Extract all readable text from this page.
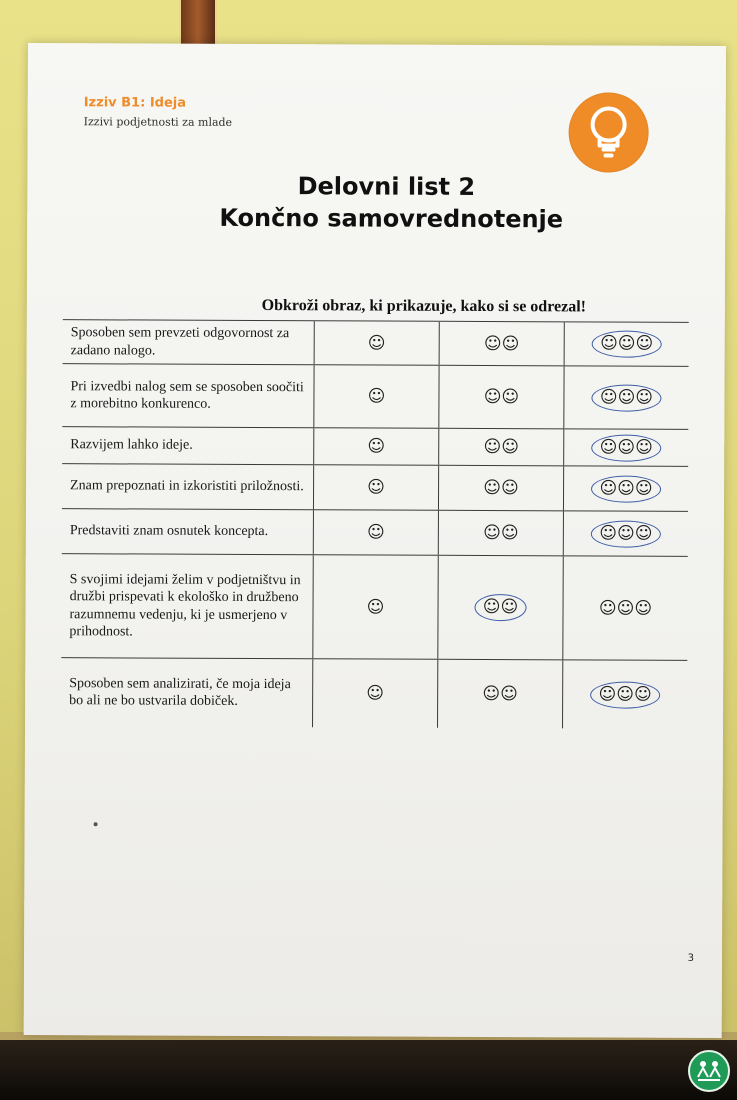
Izziv B1: Ideja
Izzivi podjetnosti za mlade
Delovni list 2
Končno samovrednotenje
Obkroži obraz, ki prikazuje, kako si se odrezal!
Sposoben sem prevzeti odgovornost za zadano nalogo.	☺	☺☺	☺☺☺
Pri izvedbi nalog sem se sposoben soočiti z morebitno konkurenco.	☺	☺☺	☺☺☺
Razvijem lahko ideje.	☺	☺☺	☺☺☺
Znam prepoznati in izkoristiti priložnosti.	☺	☺☺	☺☺☺
Predstaviti znam osnutek koncepta.	☺	☺☺	☺☺☺
S svojimi idejami želim v podjetništvu in družbi prispevati k ekološko in družbeno razumnemu vedenju, ki je usmerjeno v prihodnost.	☺	☺☺	☺☺☺
Sposoben sem analizirati, če moja ideja bo ali ne bo ustvarila dobiček.	☺	☺☺	☺☺☺
3
